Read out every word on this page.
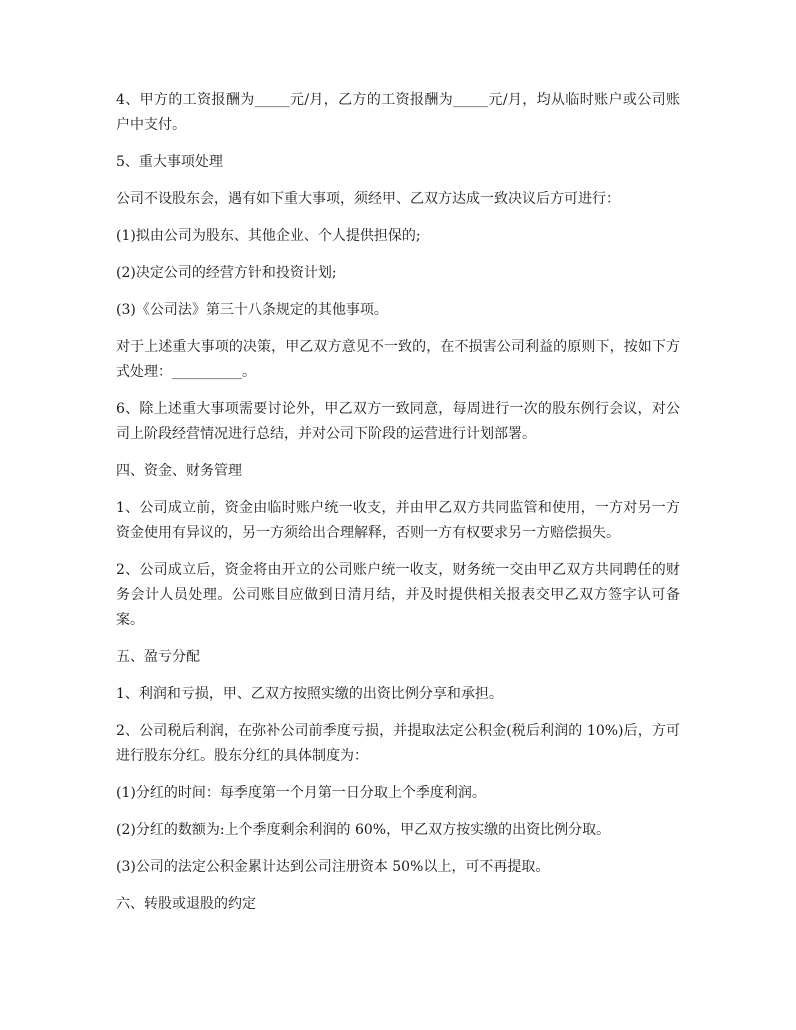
4、甲方的工资报酬为_____元/月，乙方的工资报酬为_____元/月，均从临时账户或公司账户中支付。

5、重大事项处理

公司不设股东会，遇有如下重大事项，须经甲、乙双方达成一致决议后方可进行：

(1)拟由公司为股东、其他企业、个人提供担保的;

(2)决定公司的经营方针和投资计划;

(3)《公司法》第三十八条规定的其他事项。

对于上述重大事项的决策，甲乙双方意见不一致的，在不损害公司利益的原则下，按如下方式处理：__________。

6、除上述重大事项需要讨论外，甲乙双方一致同意，每周进行一次的股东例行会议，对公司上阶段经营情况进行总结，并对公司下阶段的运营进行计划部署。

四、资金、财务管理

1、公司成立前，资金由临时账户统一收支，并由甲乙双方共同监管和使用，一方对另一方资金使用有异议的，另一方须给出合理解释，否则一方有权要求另一方赔偿损失。

2、公司成立后，资金将由开立的公司账户统一收支，财务统一交由甲乙双方共同聘任的财务会计人员处理。公司账目应做到日清月结，并及时提供相关报表交甲乙双方签字认可备案。

五、盈亏分配

1、利润和亏损，甲、乙双方按照实缴的出资比例分享和承担。

2、公司税后利润，在弥补公司前季度亏损，并提取法定公积金(税后利润的 10%)后，方可进行股东分红。股东分红的具体制度为：

(1)分红的时间：每季度第一个月第一日分取上个季度利润。

(2)分红的数额为:上个季度剩余利润的 60%，甲乙双方按实缴的出资比例分取。

(3)公司的法定公积金累计达到公司注册资本 50%以上，可不再提取。

六、转股或退股的约定
